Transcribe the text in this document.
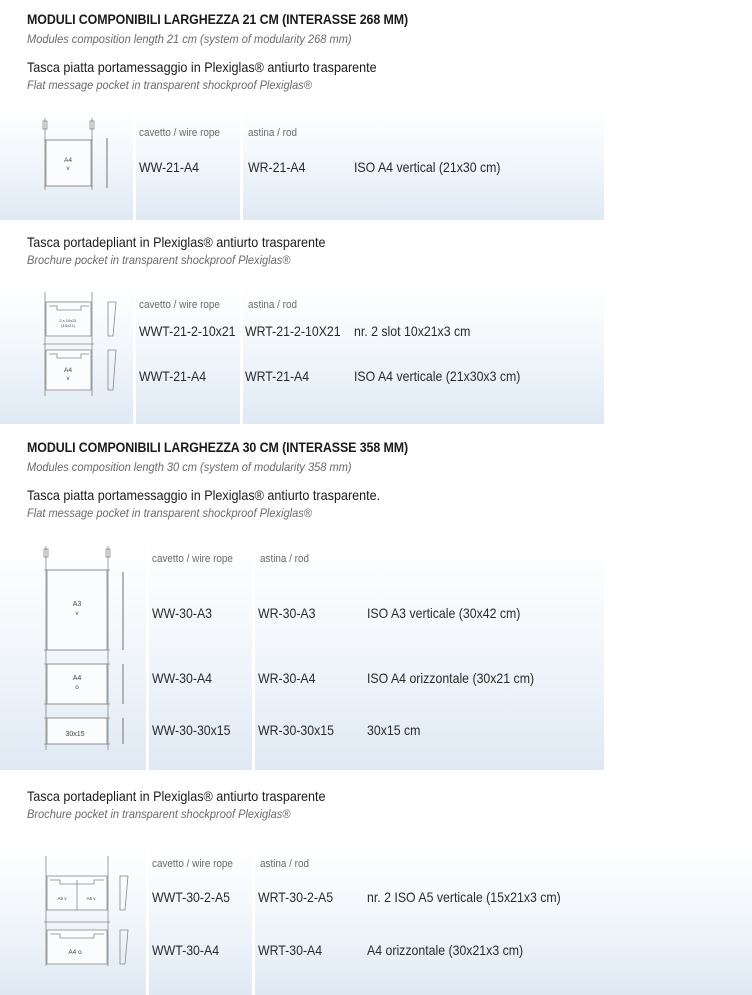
MODULI COMPONIBILI LARGHEZZA 21 CM (INTERASSE 268 MM)
Modules composition length 21 cm (system of modularity 268 mm)
Tasca piatta portamessaggio in Plexiglas® antiurto trasparente
Flat message pocket in transparent shockproof Plexiglas®
cavetto / wire rope	astina / rod
WW-21-A4	WR-21-A4	ISO A4 vertical (21x30 cm)
A4
v
Tasca portadepliant in Plexiglas® antiurto trasparente
Brochure pocket in transparent shockproof Plexiglas®
cavetto / wire rope	astina / rod
WWT-21-2-10x21 WRT-21-2-10X21 nr. 2 slot 10x21x3 cm
WWT-21-A4	WRT-21-A4	ISO A4 verticale (21x30x3 cm)
2 x 10x21
(10x21)
A4
v
MODULI COMPONIBILI LARGHEZZA 30 CM (INTERASSE 358 MM)
Modules composition length 30 cm (system of modularity 358 mm)
Tasca piatta portamessaggio in Plexiglas® antiurto trasparente.
Flat message pocket in transparent shockproof Plexiglas®
cavetto / wire rope astina / rod
WW-30-A3	WR-30-A3	ISO A3 verticale (30x42 cm)
WW-30-A4	WR-30-A4	ISO A4 orizzontale (30x21 cm)
WW-30-30x15 WR-30-30x15 30x15 cm
A3
v
A4
o
30x15
Tasca portadepliant in Plexiglas® antiurto trasparente
Brochure pocket in transparent shockproof Plexiglas®
cavetto / wire rope astina / rod
WWT-30-2-A5 WRT-30-2-A5 nr. 2 ISO A5 verticale (15x21x3 cm)
WWT-30-A4	WRT-30-A4	A4 orizzontale (30x21x3 cm)
A5 v	A5 v
A4 o
